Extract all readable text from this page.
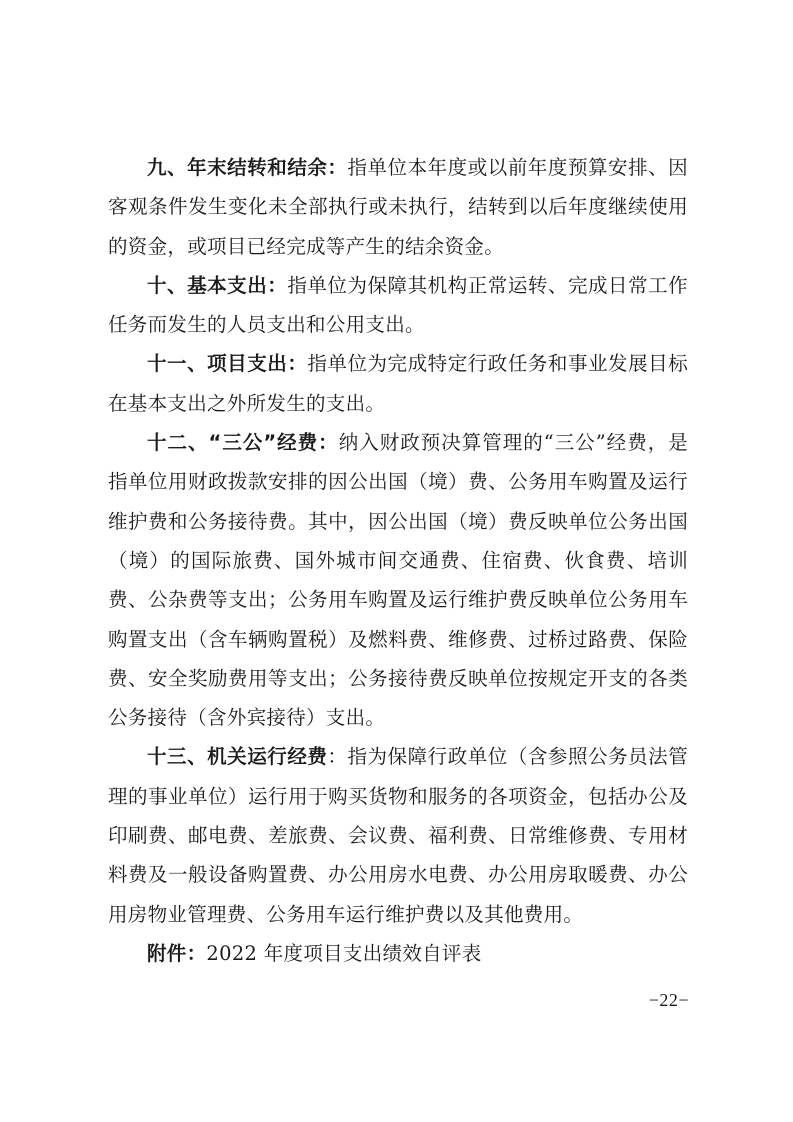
九、年末结转和结余：指单位本年度或以前年度预算安排、因客观条件发生变化未全部执行或未执行，结转到以后年度继续使用的资金，或项目已经完成等产生的结余资金。

十、基本支出：指单位为保障其机构正常运转、完成日常工作任务而发生的人员支出和公用支出。

十一、项目支出：指单位为完成特定行政任务和事业发展目标在基本支出之外所发生的支出。

十二、“三公”经费：纳入财政预决算管理的“三公”经费，是指单位用财政拨款安排的因公出国（境）费、公务用车购置及运行维护费和公务接待费。其中，因公出国（境）费反映单位公务出国（境）的国际旅费、国外城市间交通费、住宿费、伙食费、培训费、公杂费等支出；公务用车购置及运行维护费反映单位公务用车购置支出（含车辆购置税）及燃料费、维修费、过桥过路费、保险费、安全奖励费用等支出；公务接待费反映单位按规定开支的各类公务接待（含外宾接待）支出。

十三、机关运行经费：指为保障行政单位（含参照公务员法管理的事业单位）运行用于购买货物和服务的各项资金，包括办公及印刷费、邮电费、差旅费、会议费、福利费、日常维修费、专用材料费及一般设备购置费、办公用房水电费、办公用房取暖费、办公用房物业管理费、公务用车运行维护费以及其他费用。

附件：2022 年度项目支出绩效自评表

−22−
